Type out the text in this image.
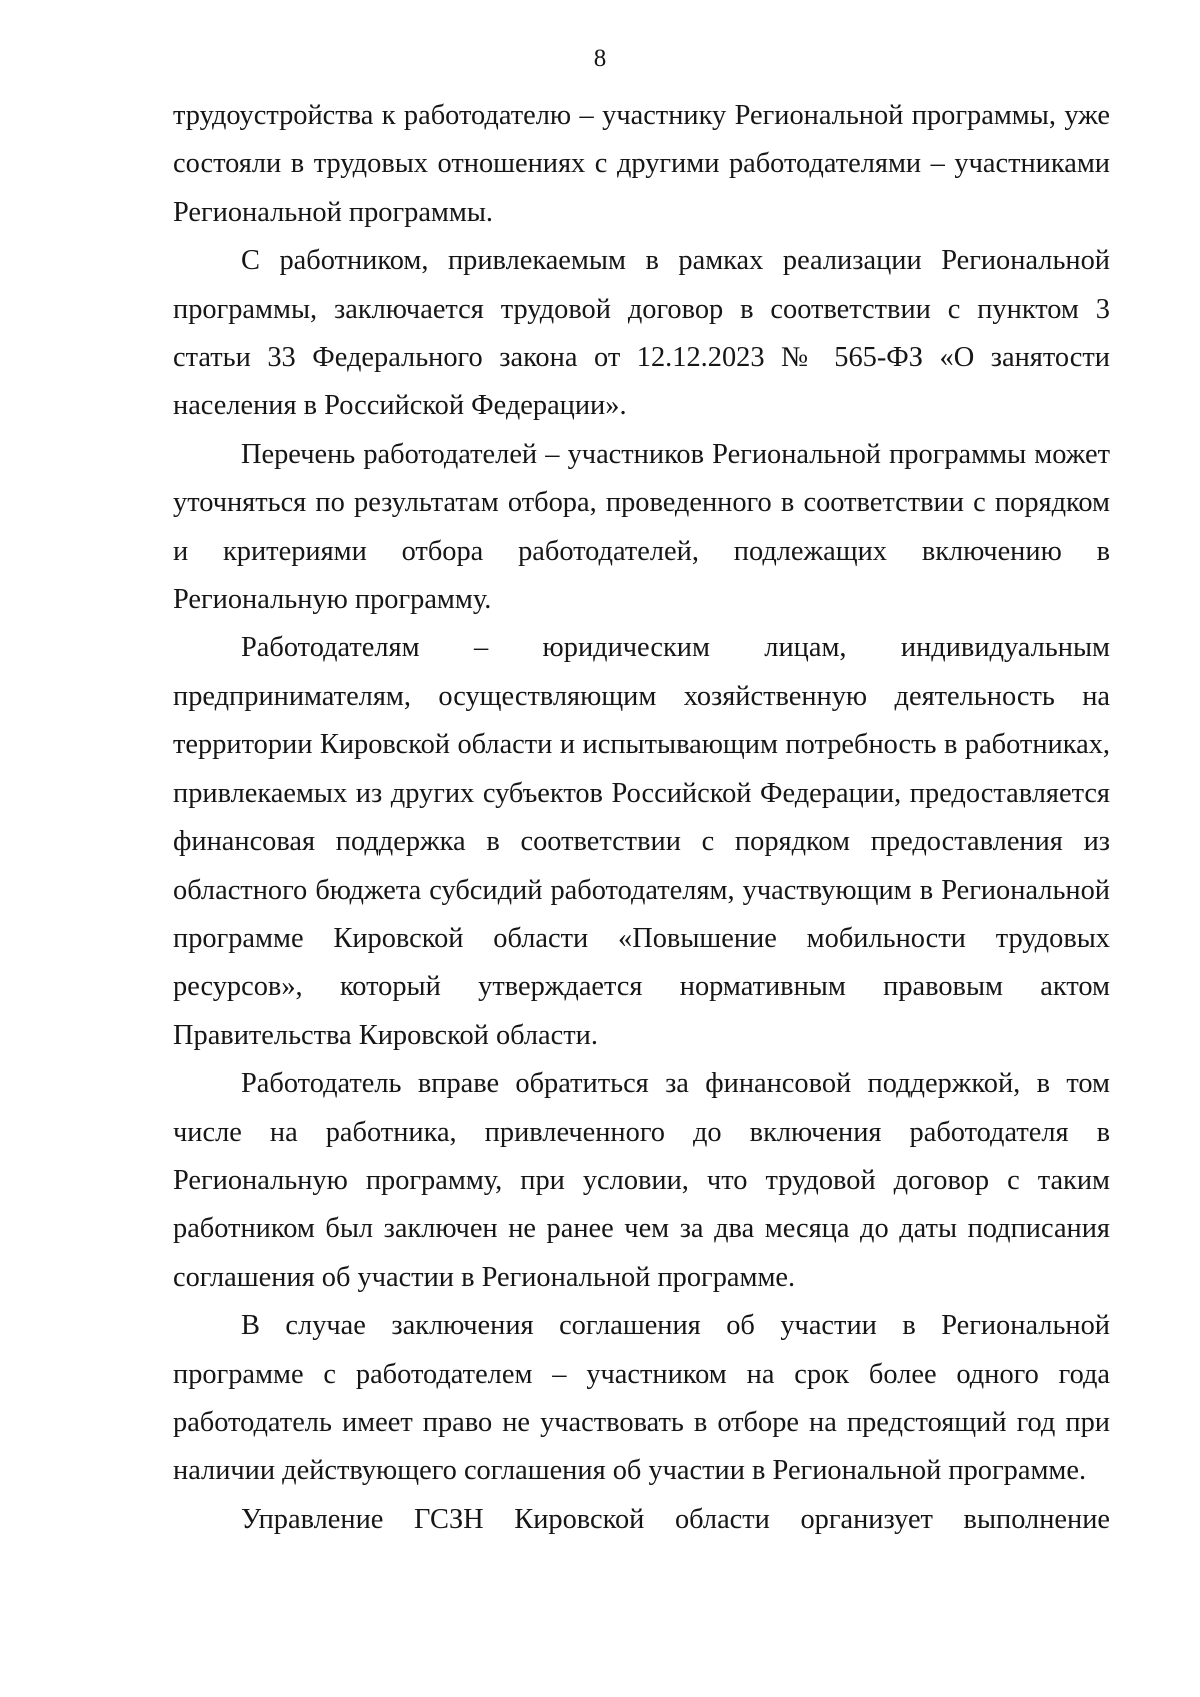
8

трудоустройства к работодателю – участнику Региональной программы, уже состояли в трудовых отношениях с другими работодателями – участниками Региональной программы.

С работником, привлекаемым в рамках реализации Региональной программы, заключается трудовой договор в соответствии с пунктом 3 статьи 33 Федерального закона от 12.12.2023 № 565-ФЗ «О занятости населения в Российской Федерации».

Перечень работодателей – участников Региональной программы может уточняться по результатам отбора, проведенного в соответствии с порядком и критериями отбора работодателей, подлежащих включению в Региональную программу.

Работодателям – юридическим лицам, индивидуальным предпринимателям, осуществляющим хозяйственную деятельность на территории Кировской области и испытывающим потребность в работниках, привлекаемых из других субъектов Российской Федерации, предоставляется финансовая поддержка в соответствии с порядком предоставления из областного бюджета субсидий работодателям, участвующим в Региональной программе Кировской области «Повышение мобильности трудовых ресурсов», который утверждается нормативным правовым актом Правительства Кировской области.

Работодатель вправе обратиться за финансовой поддержкой, в том числе на работника, привлеченного до включения работодателя в Региональную программу, при условии, что трудовой договор с таким работником был заключен не ранее чем за два месяца до даты подписания соглашения об участии в Региональной программе.

В случае заключения соглашения об участии в Региональной программе с работодателем – участником на срок более одного года работодатель имеет право не участвовать в отборе на предстоящий год при наличии действующего соглашения об участии в Региональной программе.

Управление ГСЗН Кировской области организует выполнение
